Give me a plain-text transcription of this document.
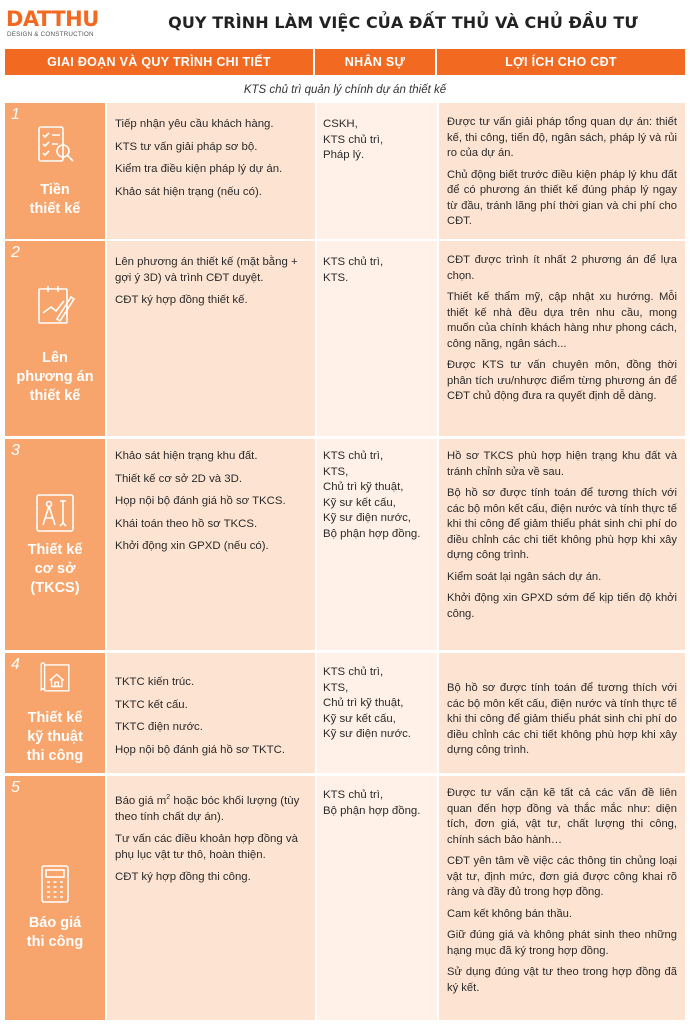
DATTHU
DESIGN & CONSTRUCTION
QUY TRÌNH LÀM VIỆC CỦA ĐẤT THỦ VÀ CHỦ ĐẦU TƯ
GIAI ĐOẠN VÀ QUY TRÌNH CHI TIẾT	NHÂN SỰ	LỢI ÍCH CHO CĐT
KTS chủ trì quản lý chính dự án thiết kế
1
Tiền
thiết kế
Tiếp nhận yêu cầu khách hàng.
KTS tư vấn giải pháp sơ bộ.
Kiểm tra điều kiện pháp lý dự án.
Khảo sát hiện trạng (nếu có).
CSKH,
KTS chủ trì,
Pháp lý.
Được tư vấn giải pháp tổng quan dự án: thiết kế, thi công, tiến độ, ngân sách, pháp lý và rủi ro của dự án.
Chủ động biết trước điều kiện pháp lý khu đất để có phương án thiết kế đúng pháp lý ngay từ đầu, tránh lãng phí thời gian và chi phí cho CĐT.
2
Lên
phương án
thiết kế
Lên phương án thiết kế (mặt bằng + gợi ý 3D) và trình CĐT duyệt.
CĐT ký hợp đồng thiết kế.
KTS chủ trì,
KTS.
CĐT được trình ít nhất 2 phương án để lựa chọn.
Thiết kế thẩm mỹ, cập nhật xu hướng. Mỗi thiết kế nhà đều dựa trên nhu cầu, mong muốn của chính khách hàng như phong cách, công năng, ngân sách...
Được KTS tư vấn chuyên môn, đồng thời phân tích ưu/nhược điểm từng phương án để CĐT chủ động đưa ra quyết định dễ dàng.
3
Thiết kế
cơ sở
(TKCS)
Khảo sát hiện trạng khu đất.
Thiết kế cơ sở 2D và 3D.
Họp nội bộ đánh giá hồ sơ TKCS.
Khái toán theo hồ sơ TKCS.
Khởi động xin GPXD (nếu có).
KTS chủ trì,
KTS,
Chủ trì kỹ thuật,
Kỹ sư kết cấu,
Kỹ sư điện nước,
Bộ phận hợp đồng.
Hồ sơ TKCS phù hợp hiện trạng khu đất và tránh chỉnh sửa về sau.
Bộ hồ sơ được tính toán để tương thích với các bộ môn kết cấu, điện nước và tính thực tế khi thi công để giảm thiểu phát sinh chi phí do điều chỉnh các chi tiết không phù hợp khi xây dựng công trình.
Kiểm soát lại ngân sách dự án.
Khởi động xin GPXD sớm để kịp tiến độ khởi công.
4
Thiết kế
kỹ thuật
thi công
TKTC kiến trúc.
TKTC kết cấu.
TKTC điện nước.
Họp nội bộ đánh giá hồ sơ TKTC.
KTS chủ trì,
KTS,
Chủ trì kỹ thuật,
Kỹ sư kết cấu,
Kỹ sư điện nước.
Bộ hồ sơ được tính toán để tương thích với các bộ môn kết cấu, điện nước và tính thực tế khi thi công để giảm thiểu phát sinh chi phí do điều chỉnh các chi tiết không phù hợp khi xây dựng công trình.
5
Báo giá
thi công
Báo giá $m^2$ hoặc bóc khối lượng (tùy theo tính chất dự án).
Tư vấn các điều khoản hợp đồng và phụ lục vật tư thô, hoàn thiện.
CĐT ký hợp đồng thi công.
KTS chủ trì,
Bộ phận hợp đồng.
Được tư vấn cặn kẽ tất cả các vấn đề liên quan đến hợp đồng và thắc mắc như: diện tích, đơn giá, vật tư, chất lượng thi công, chính sách bảo hành…
CĐT yên tâm về việc các thông tin chủng loại vật tư, định mức, đơn giá được công khai rõ ràng và đầy đủ trong hợp đồng.
Cam kết không bán thầu.
Giữ đúng giá và không phát sinh theo những hạng mục đã ký trong hợp đồng.
Sử dụng đúng vật tư theo trong hợp đồng đã ký kết.
